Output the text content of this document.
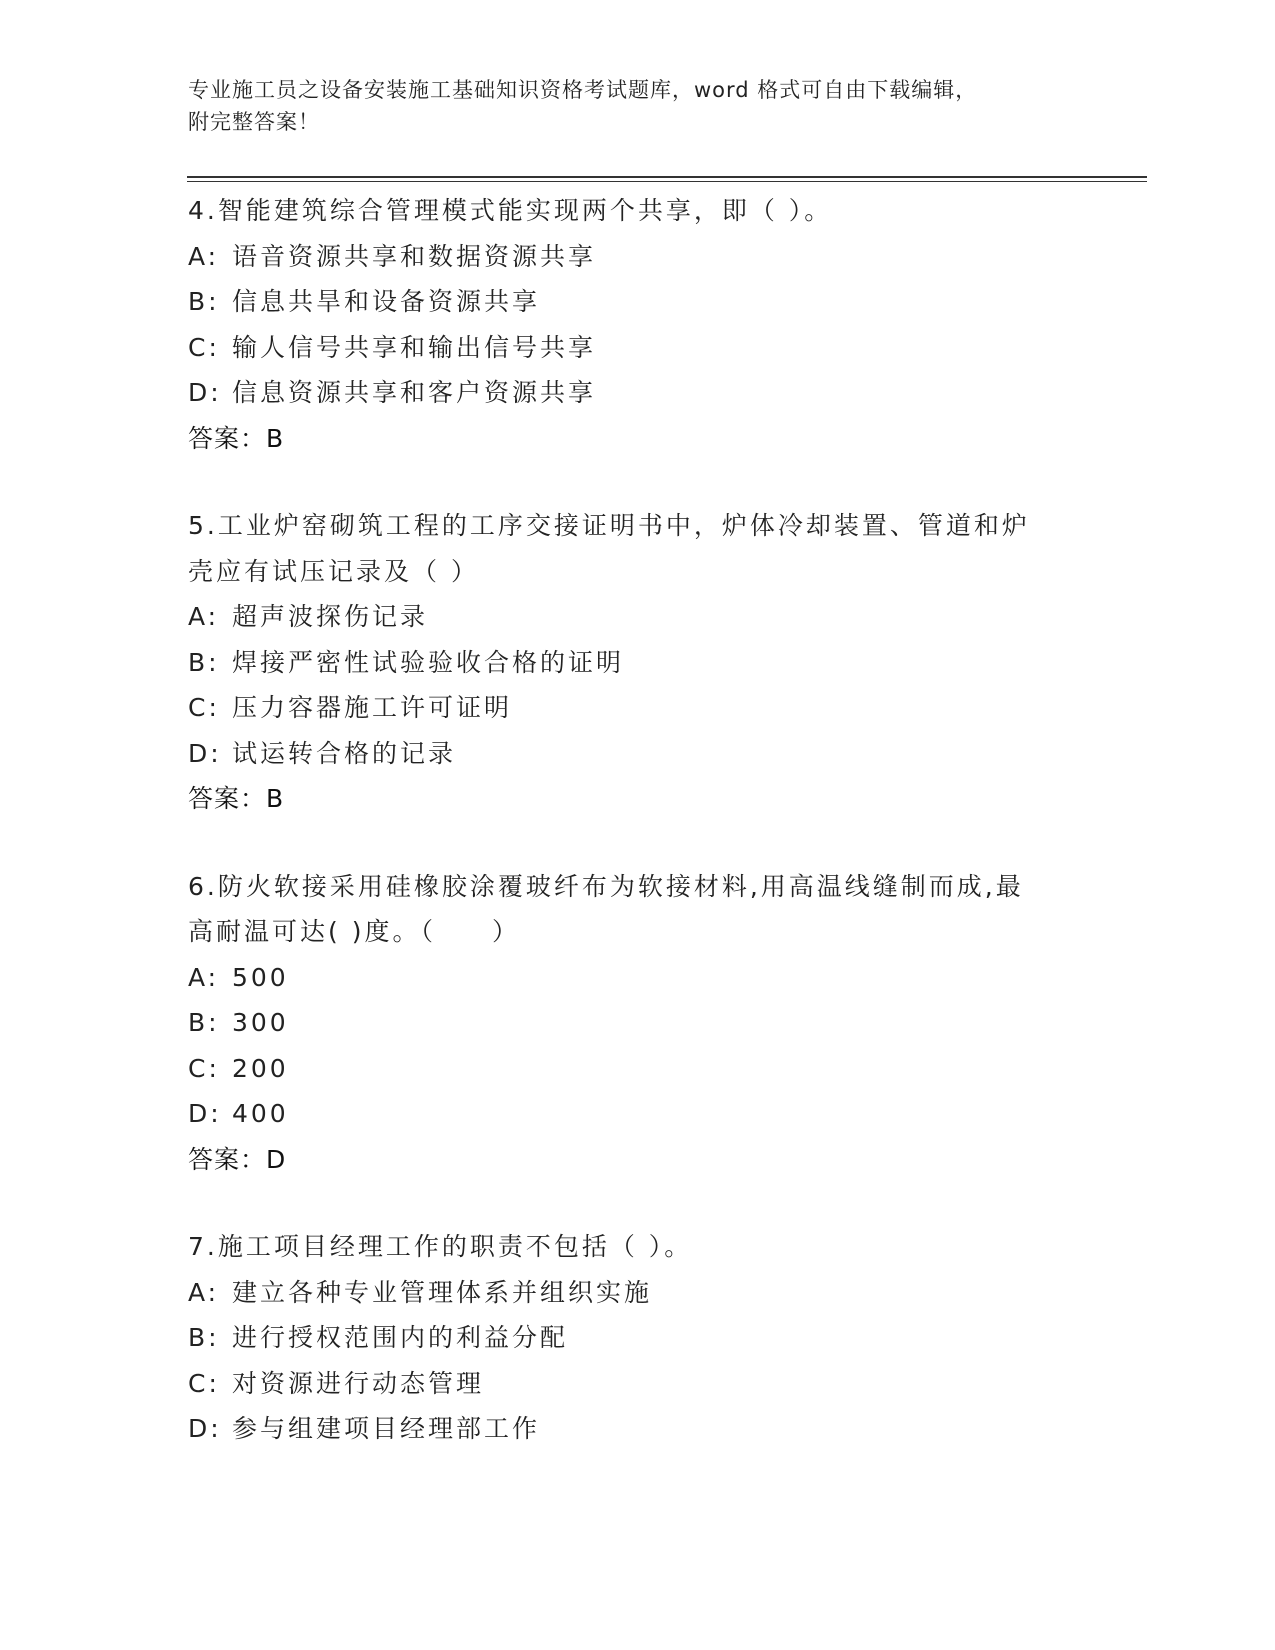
专业施工员之设备安装施工基础知识资格考试题库，word 格式可自由下载编辑，
附完整答案！
4.智能建筑综合管理模式能实现两个共享，即（ ）。
A: 语音资源共享和数据资源共享
B: 信息共旱和设备资源共享
C: 输人信号共享和输出信号共享
D: 信息资源共享和客户资源共享
答案：B
5.工业炉窑砌筑工程的工序交接证明书中，炉体冷却装置、管道和炉
壳应有试压记录及（ ）
A: 超声波探伤记录
B: 焊接严密性试验验收合格的证明
C: 压力容器施工许可证明
D: 试运转合格的记录
答案：B
6.防火软接采用硅橡胶涂覆玻纤布为软接材料,用高温线缝制而成,最
高耐温可达( )度。（　　）
A: 500
B: 300
C: 200
D: 400
答案：D
7.施工项目经理工作的职责不包括（ ）。
A: 建立各种专业管理体系并组织实施
B: 进行授权范围内的利益分配
C: 对资源进行动态管理
D: 参与组建项目经理部工作
